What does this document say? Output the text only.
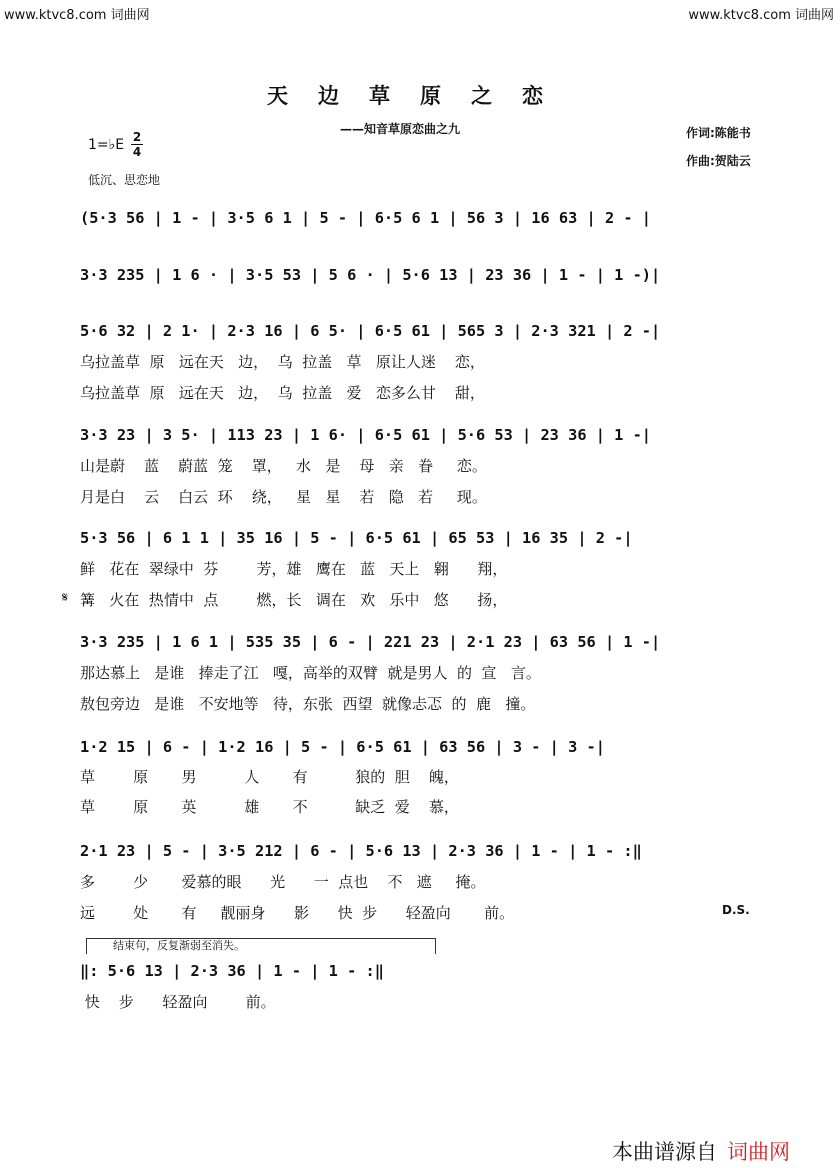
www.ktvc8.com 词曲网	www.ktvc8.com 词曲网
天边草原之恋
——知音草原恋曲之九	作词:陈能书
作曲:贺陆云
1=♭E 2
4
低沉、思恋地
(5·3 56 | 1 - | 3·5 6 1 | 5 - | 6·5 6 1 | 56 3 | 16 63 | 2 - |
3·3 235 | 1 6 · | 3·5 53 | 5 6 · | 5·6 13 | 23 36 | 1 - | 1 -)|
5·6 32 | 2 1· | 2·3 16 | 6 5· | 6·5 61 | 565 3 | 2·3 321 | 2 -|
乌拉盖草  原   远在天   边，  乌  拉盖   草   原让人迷    恋，
乌拉盖草  原   远在天   边，  乌  拉盖   爱   恋多么甘    甜，
3·3 23 | 3 5· | 113 23 | 1 6· | 6·5 61 | 5·6 53 | 23 36 | 1 -|
山是蔚    蓝    蔚蓝  笼    罩，   水   是    母   亲   眷     恋。
月是白    云    白云  环    绕，   星   星    若   隐   若     现。
5·3 56 | 6 1 1 | 35 16 | 5 - | 6·5 61 | 65 53 | 16 35 | 2 -|
鲜   花在  翠绿中  芬        芳，雄   鹰在   蓝   天上   翱      翔，
𝄋 篝   火在  热情中  点        燃，长   调在   欢   乐中   悠      扬，
3·3 235 | 1 6 1 | 535 35 | 6 - | 221 23 | 2·1 23 | 63 56 | 1 -|
那达慕上   是谁   捧走了江   嘎，高举的双臂  就是男人  的  宣   言。
敖包旁边   是谁   不安地等   待，东张  西望  就像忐忑  的  鹿   撞。
1·2 15 | 6 - | 1·2 16 | 5 - | 6·5 61 | 63 56 | 3 - | 3 -|
草        原       男          人       有          狼的  胆    魄，
草        原       英          雄       不          缺乏  爱    慕，
2·1 23 | 5 - | 3·5 212 | 6 - | 5·6 13 | 2·3 36 | 1 - | 1 - :‖
多        少       爱慕的眼      光      一  点也    不   遮     掩。
远        处       有     靓丽身      影      快  步      轻盈向       前。	D.S.
结束句，反复渐弱至消失。
‖: 5·6 13 | 2·3 36 | 1 - | 1 - :‖
快    步      轻盈向        前。
本曲谱源自 词曲网
